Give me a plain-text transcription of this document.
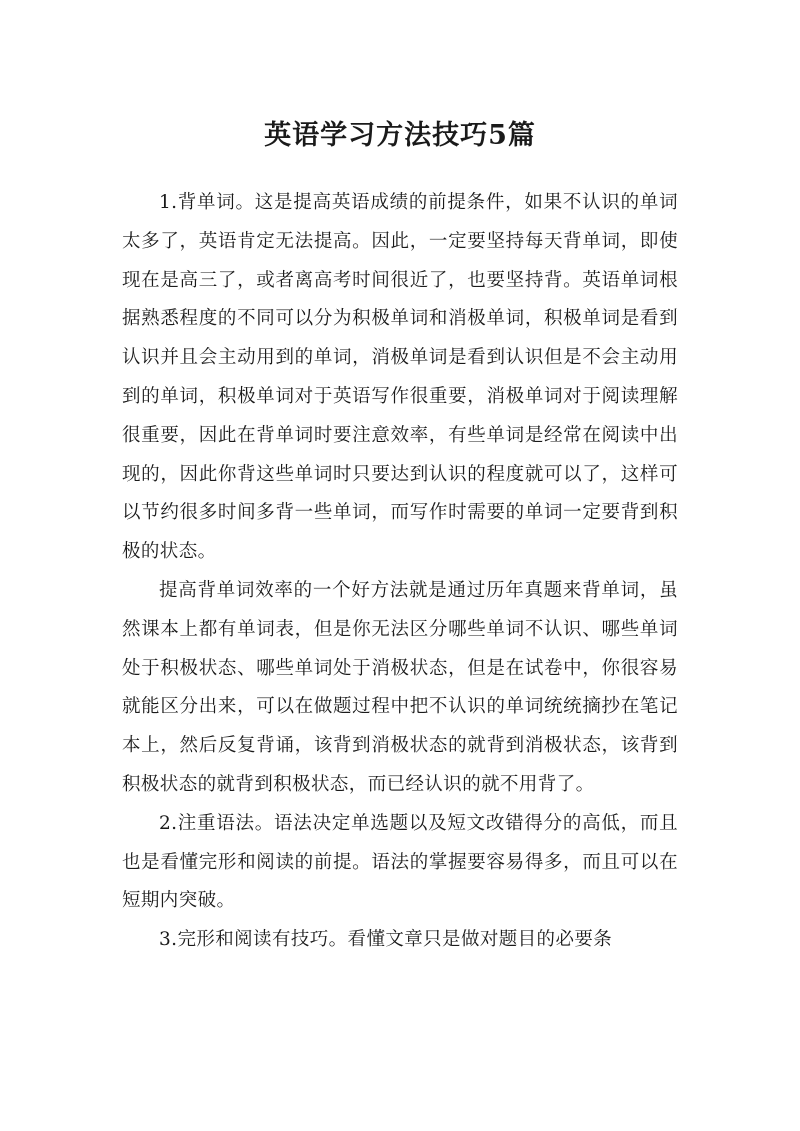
英语学习方法技巧5篇

1.背单词。这是提高英语成绩的前提条件，如果不认识的单词太多了，英语肯定无法提高。因此，一定要坚持每天背单词，即使现在是高三了，或者离高考时间很近了，也要坚持背。英语单词根据熟悉程度的不同可以分为积极单词和消极单词，积极单词是看到认识并且会主动用到的单词，消极单词是看到认识但是不会主动用到的单词，积极单词对于英语写作很重要，消极单词对于阅读理解很重要，因此在背单词时要注意效率，有些单词是经常在阅读中出现的，因此你背这些单词时只要达到认识的程度就可以了，这样可以节约很多时间多背一些单词，而写作时需要的单词一定要背到积极的状态。

提高背单词效率的一个好方法就是通过历年真题来背单词，虽然课本上都有单词表，但是你无法区分哪些单词不认识、哪些单词处于积极状态、哪些单词处于消极状态，但是在试卷中，你很容易就能区分出来，可以在做题过程中把不认识的单词统统摘抄在笔记本上，然后反复背诵，该背到消极状态的就背到消极状态，该背到积极状态的就背到积极状态，而已经认识的就不用背了。

2.注重语法。语法决定单选题以及短文改错得分的高低，而且也是看懂完形和阅读的前提。语法的掌握要容易得多，而且可以在短期内突破。

3.完形和阅读有技巧。看懂文章只是做对题目的必要条
